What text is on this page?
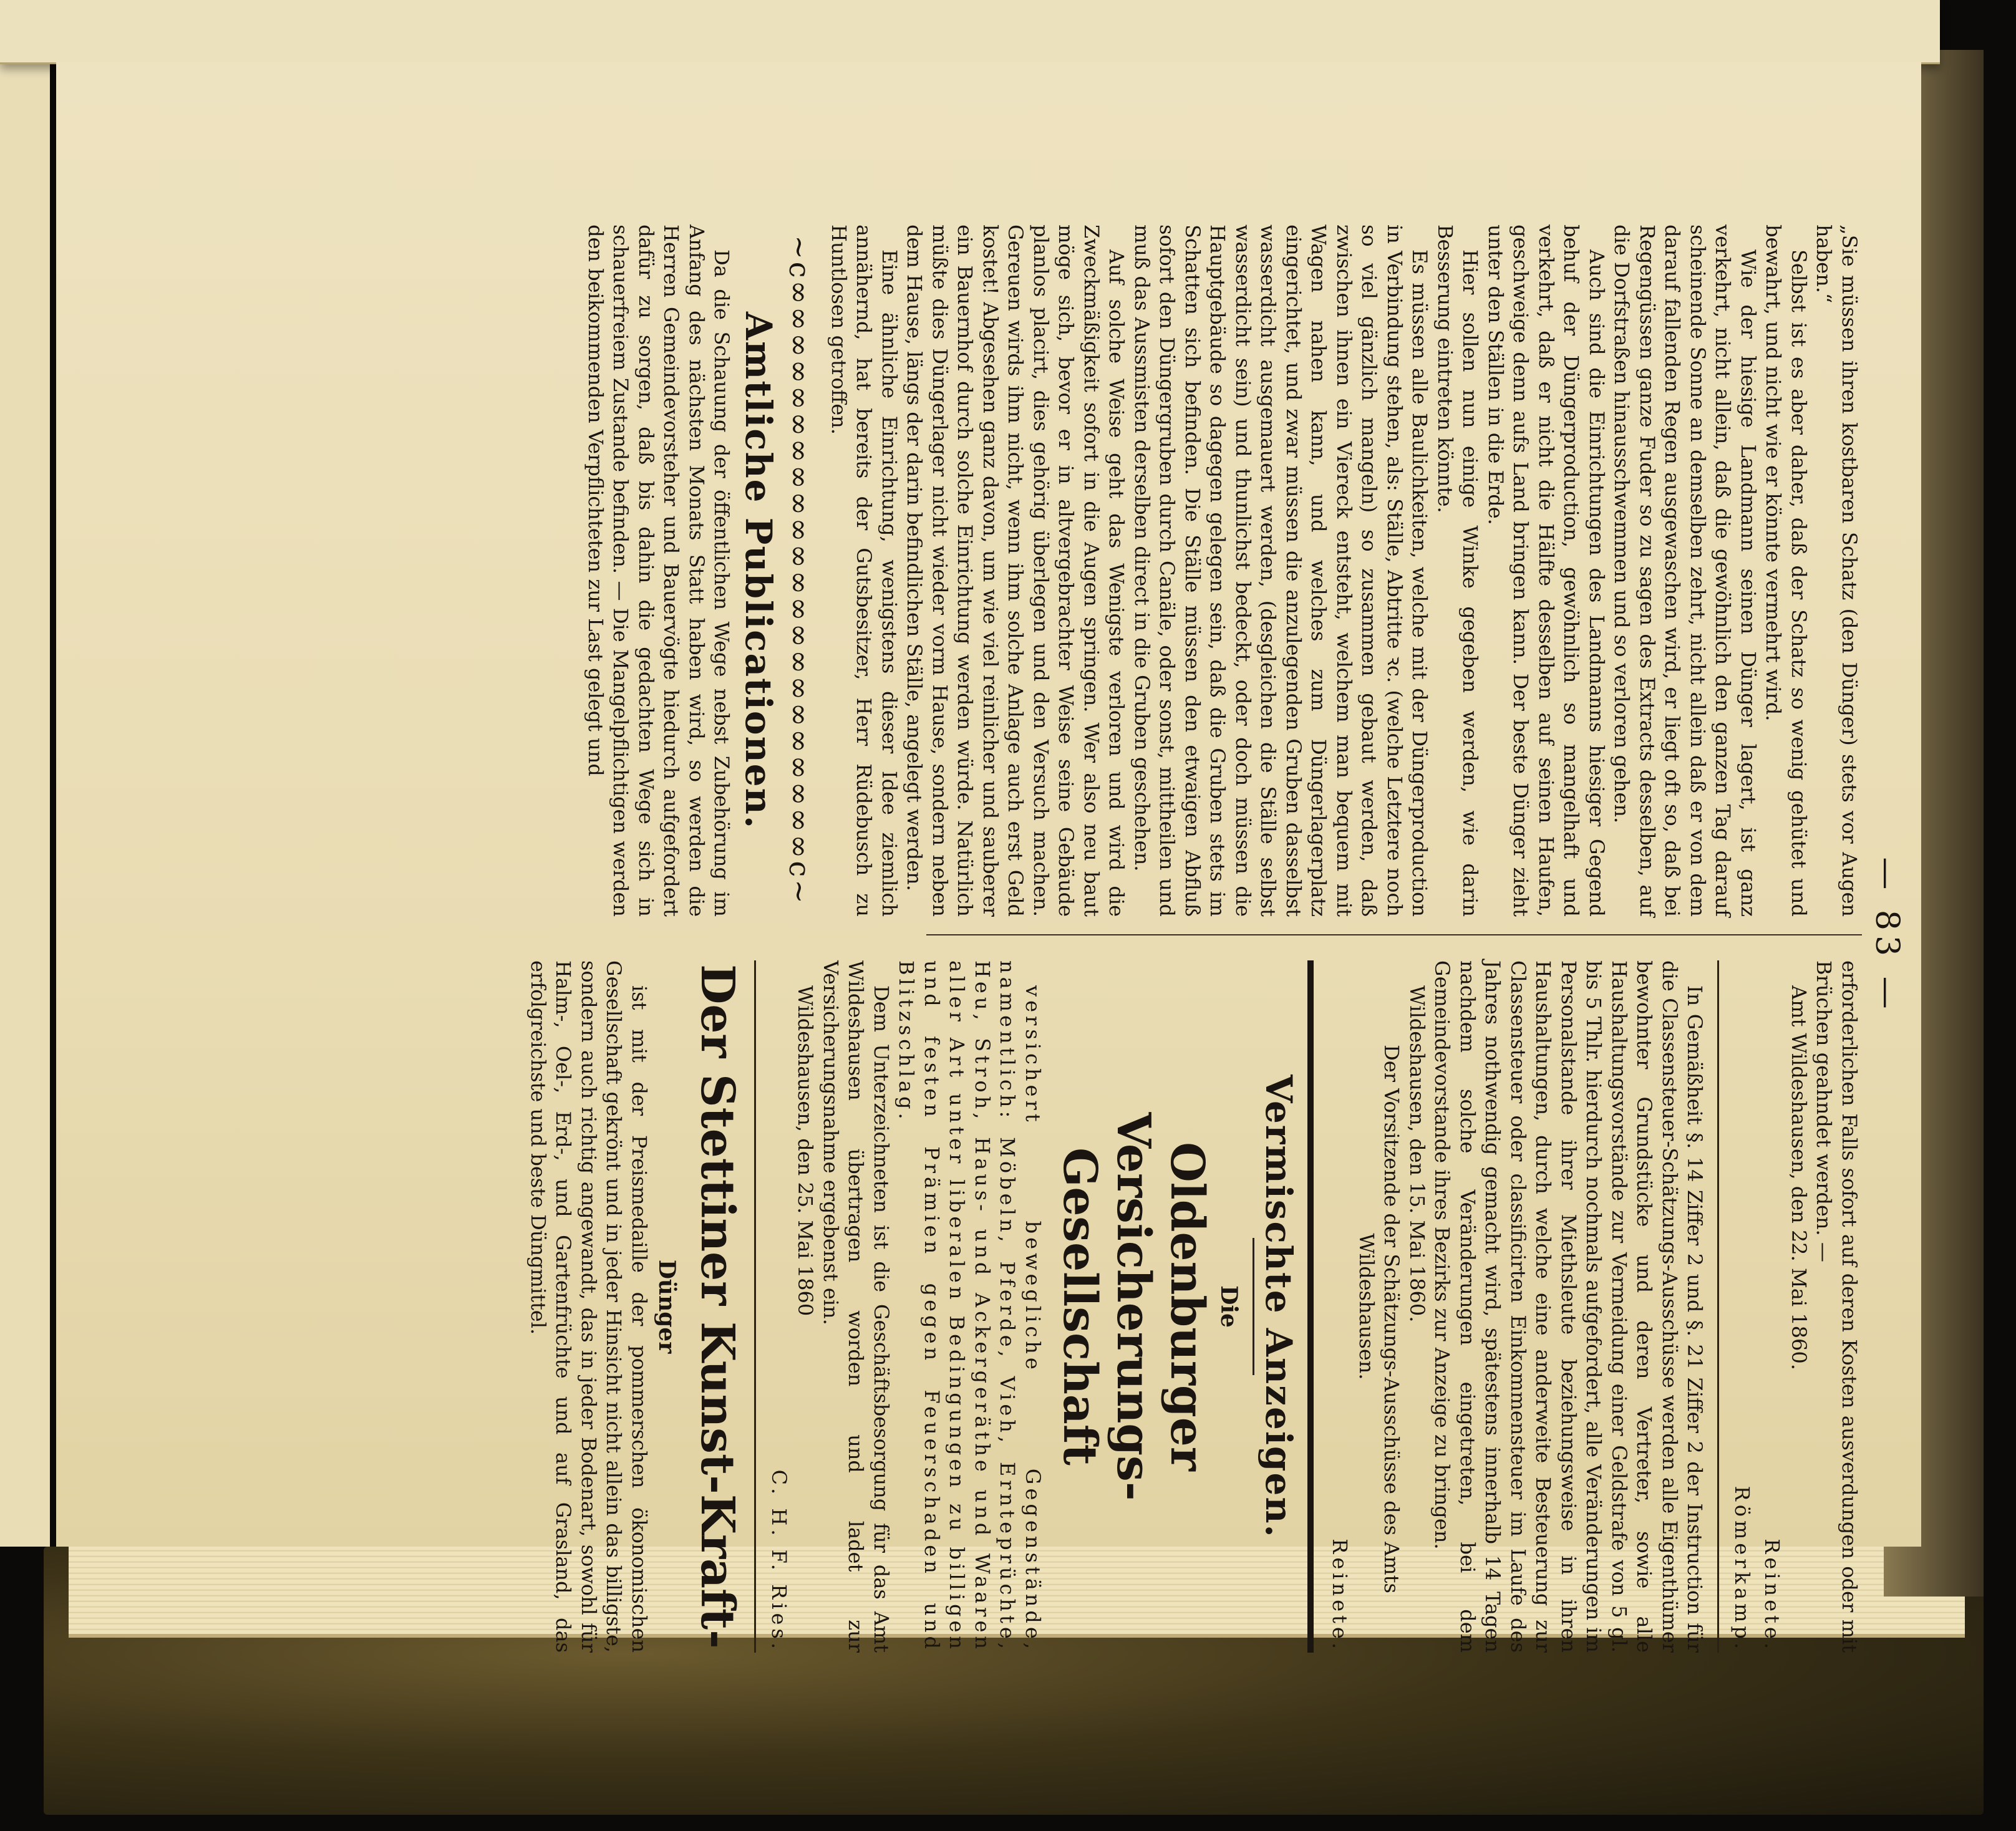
— 83 —

„Sie müssen ihren kostbaren Schatz (den Dünger) stets vor Augen haben.“

Selbst ist es aber daher, daß der Schatz so wenig gehütet und bewahrt, und nicht wie er könnte vermehrt wird.

Wie der hiesige Landmann seinen Dünger lagert, ist ganz verkehrt, nicht allein, daß die gewöhnlich den ganzen Tag darauf scheinende Sonne an demselben zehrt, nicht allein daß er von dem darauf fallenden Regen ausgewaschen wird, er liegt oft so, daß bei Regengüssen ganze Fuder so zu sagen des Extracts desselben, auf die Dorfstraßen hinausschwemmen und so verloren gehen.

Auch sind die Einrichtungen des Landmanns hiesiger Gegend behuf der Düngerproduction, gewöhnlich so mangelhaft und verkehrt, daß er nicht die Hälfte desselben auf seinen Haufen, geschweige denn aufs Land bringen kann. Der beste Dünger zieht unter den Ställen in die Erde.

Hier sollen nun einige Winke gegeben werden, wie darin Besserung eintreten könnte.

Es müssen alle Baulichkeiten, welche mit der Düngerproduction in Verbindung stehen, als: Ställe, Abtritte ꝛc. (welche Letztere noch so viel gänzlich mangeln) so zusammen gebaut werden, daß zwischen ihnen ein Viereck entsteht, welchem man bequem mit Wagen nahen kann, und welches zum Düngerlagerplatz eingerichtet, und zwar müssen die anzulegenden Gruben dasselbst wasserdicht ausgemauert werden, (desgleichen die Ställe selbst wasserdicht sein) und thunlichst bedeckt, oder doch müssen die Hauptgebäude so dagegen gelegen sein, daß die Gruben stets im Schatten sich befinden. Die Ställe müssen den etwaigen Abfluß sofort den Düngergruben durch Canäle, oder sonst, mittheilen und muß das Aussmisten derselben direct in die Gruben geschehen.

Auf solche Weise geht das Wenigste verloren und wird die Zweckmäßigkeit sofort in die Augen springen. Wer also neu baut möge sich, bevor er in altvergebrachter Weise seine Gebäude planlos placirt, dies gehörig überlegen und den Versuch machen. Gereuen wirds ihm nicht, wenn ihm solche Anlage auch erst Geld kostet! Abgesehen ganz davon, um wie viel reinlicher und sauberer ein Bauernhof durch solche Einrichtung werden würde. Natürlich müßte dies Düngerlager nicht wieder vorm Hause, sondern neben dem Hause, längs der darin befindlichen Ställe, angelegt werden.

Eine ähnliche Einrichtung, wenigstens dieser Idee ziemlich annähernd, hat bereits der Gutsbesitzer, Herr Rüdebusch zu Huntlosen getroffen.

~c∞∞∞∞∞∞∞∞∞∞∞∞∞∞∞∞∞∞∞∞∞∞c~
Amtliche Publicationen.

Da die Schauung der öffentlichen Wege nebst Zubehörung im Anfang des nächsten Monats Statt haben wird, so werden die Herren Gemeindevorsteher und Bauervögte hiedurch aufgefordert dafür zu sorgen, daß bis dahin die gedachten Wege sich in schauerfreiem Zustande befinden. — Die Mangelpflichtigen werden den beikommenden Verpflichteten zur Last gelegt und

erforderlichen Falls sofort auf deren Kosten ausverdungen oder mit Brüchen geahndet werden. —

Amt Wildeshausen, den 22. Mai 1860.

Reinete.
Römerkamp.

In Gemäßheit §. 14 Ziffer 2 und §. 21 Ziffer 2 der Instruction für die Classensteuer-Schätzungs-Ausschüsse werden alle Eigenthümer bewohnter Grundstücke und deren Vertreter, sowie alle Haushaltungsvorstände zur Vermeidung einer Geldstrafe von 5 gl. bis 5 Thlr. hierdurch nochmals aufgefordert, alle Veränderungen im Personalstande ihrer Miethsleute beziehungsweise in ihren Haushaltungen, durch welche eine anderweite Besteuerung zur Classensteuer oder classificirten Einkommensteuer im Laufe des Jahres nothwendig gemacht wird, spätestens innerhalb 14 Tagen nachdem solche Veränderungen eingetreten, bei dem Gemeindevorstande ihres Bezirks zur Anzeige zu bringen.

Wildeshausen, den 15. Mai 1860.

Der Vorsitzende der Schätzungs-Ausschüsse des Amts Wildeshausen.

Reinete.
Vermischte Anzeigen.
Die
Oldenburger Versicherungs-Gesellschaft

versichert bewegliche Gegenstände, namentlich: Möbeln, Pferde, Vieh, Ernteprüchte, Heu, Stroh, Haus- und Ackergeräthe und Waaren aller Art unter liberalen Bedingungen zu billigen und festen Prämien gegen Feuerschaden und Blitzschlag.

Dem Unterzeichneten ist die Geschäftsbesorgung für das Amt Wildeshausen übertragen worden und ladet zur Versicherungsnahme ergebenst ein.

Wildeshausen, den 25. Mai 1860

C. H. F. Ries.
Der Stettiner Kunst-Kraft-
Dünger

ist mit der Preismedaille der pommerschen ökonomischen Gesellschaft gekrönt und in jeder Hinsicht nicht allein das billigste, sondern auch richtig angewandt, das in jeder Bodenart, sowohl für Halm-, Oel-, Erd-, und Gartenfrüchte und auf Grasland, das erfolgreichste und beste Düngmittel.
